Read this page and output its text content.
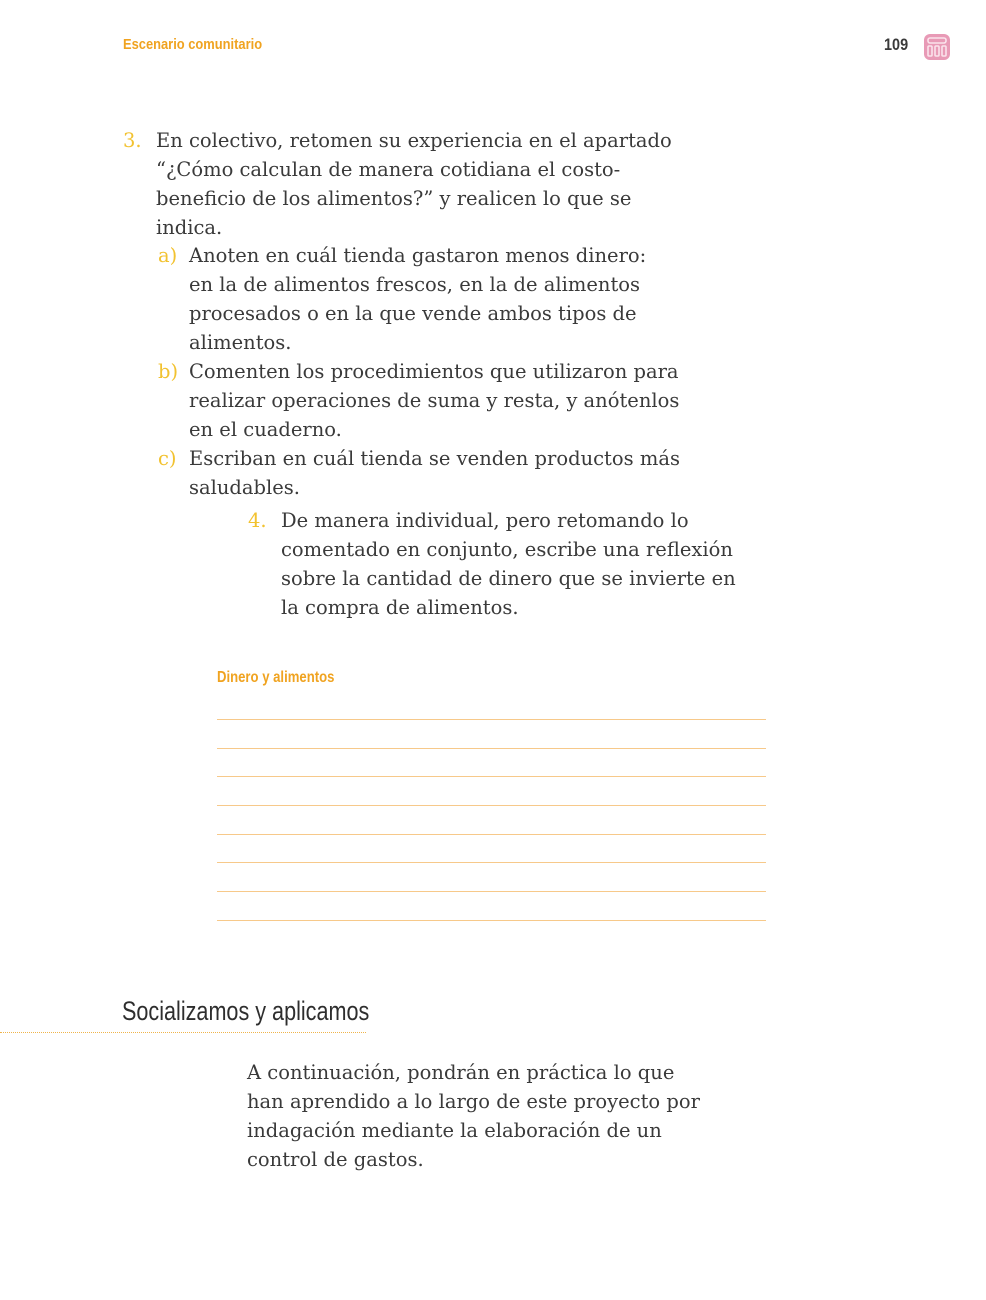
Escenario comunitario	109
3. En colectivo, retomen su experiencia en el apartado
“¿Cómo calculan de manera cotidiana el costo-
beneficio de los alimentos?” y realicen lo que se
indica.
a) Anoten en cuál tienda gastaron menos dinero:
en la de alimentos frescos, en la de alimentos
procesados o en la que vende ambos tipos de
alimentos.
b) Comenten los procedimientos que utilizaron para
realizar operaciones de suma y resta, y anótenlos
en el cuaderno.
c) Escriban en cuál tienda se venden productos más
saludables.
4. De manera individual, pero retomando lo
comentado en conjunto, escribe una reflexión
sobre la cantidad de dinero que se invierte en
la compra de alimentos.
Dinero y alimentos
Socializamos y aplicamos
A continuación, pondrán en práctica lo que
han aprendido a lo largo de este proyecto por
indagación mediante la elaboración de un
control de gastos.
